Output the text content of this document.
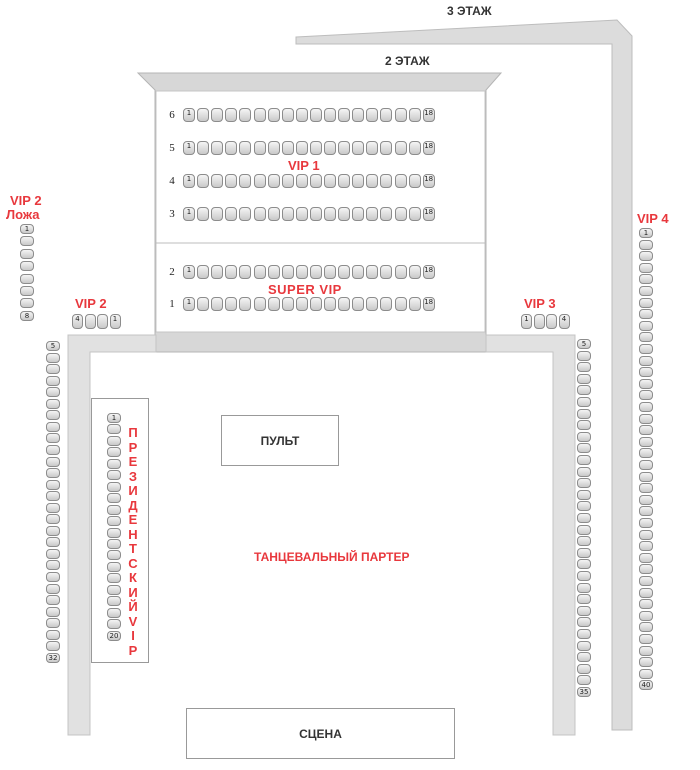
3 ЭТАЖ
2 ЭТАЖ
VIP 1
SUPER VIP
VIP 2
Ложа
VIP 2	VIP 3
VIP 4
П
Р
Е
З
И
Д
Е
Н
Т
С
К
И
Й
V
I
P
ПУЛЬТ
ТАНЦЕВАЛЬНЫЙ ПАРТЕР
СЦЕНА
6	1	18
5	1	18
4	1	18
3	1	18
2	1	18
1	1	18
1
8
5
32
1
20
5
35
1
40
4	1	1	4
